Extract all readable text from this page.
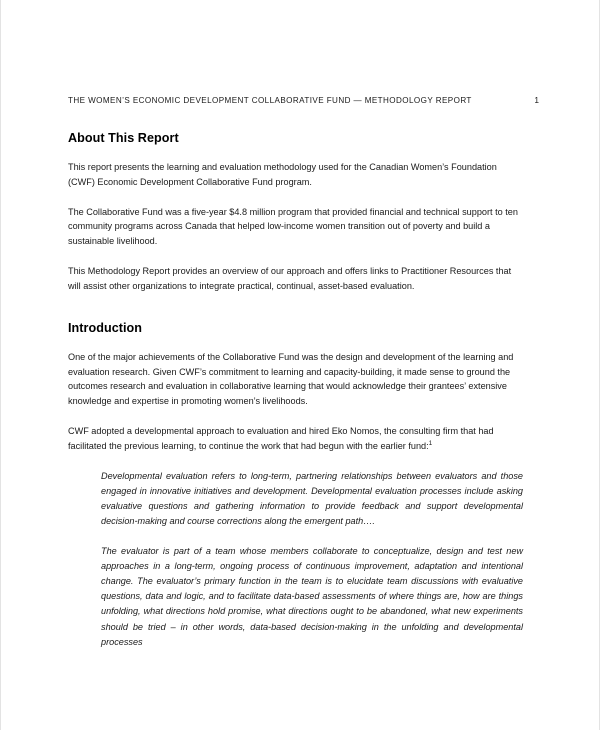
THE WOMEN’S ECONOMIC DEVELOPMENT COLLABORATIVE FUND — METHODOLOGY REPORT	1
About This Report

This report presents the learning and evaluation methodology used for the Canadian Women’s Foundation (CWF) Economic Development Collaborative Fund program.

The Collaborative Fund was a five-year $4.8 million program that provided financial and technical support to ten community programs across Canada that helped low-income women transition out of poverty and build a sustainable livelihood.

This Methodology Report provides an overview of our approach and offers links to Practitioner Resources that will assist other organizations to integrate practical, continual, asset-based evaluation.

Introduction

One of the major achievements of the Collaborative Fund was the design and development of the learning and evaluation research. Given CWF’s commitment to learning and capacity-building, it made sense to ground the outcomes research and evaluation in collaborative learning that would acknowledge their grantees’ extensive knowledge and expertise in promoting women’s livelihoods.

CWF adopted a developmental approach to evaluation and hired Eko Nomos, the consulting firm that had facilitated the previous learning, to continue the work that had begun with the earlier fund:$^1$

Developmental evaluation refers to long-term, partnering relationships between evaluators and those engaged in innovative initiatives and development. Developmental evaluation processes include asking evaluative questions and gathering information to provide feedback and support developmental decision-making and course corrections along the emergent path….

The evaluator is part of a team whose members collaborate to conceptualize, design and test new approaches in a long-term, ongoing process of continuous improvement, adaptation and intentional change. The evaluator’s primary function in the team is to elucidate team discussions with evaluative questions, data and logic, and to facilitate data-based assessments of where things are, how are things unfolding, what directions hold promise, what directions ought to be abandoned, what new experiments should be tried – in other words, data-based decision-making in the unfolding and developmental processes
